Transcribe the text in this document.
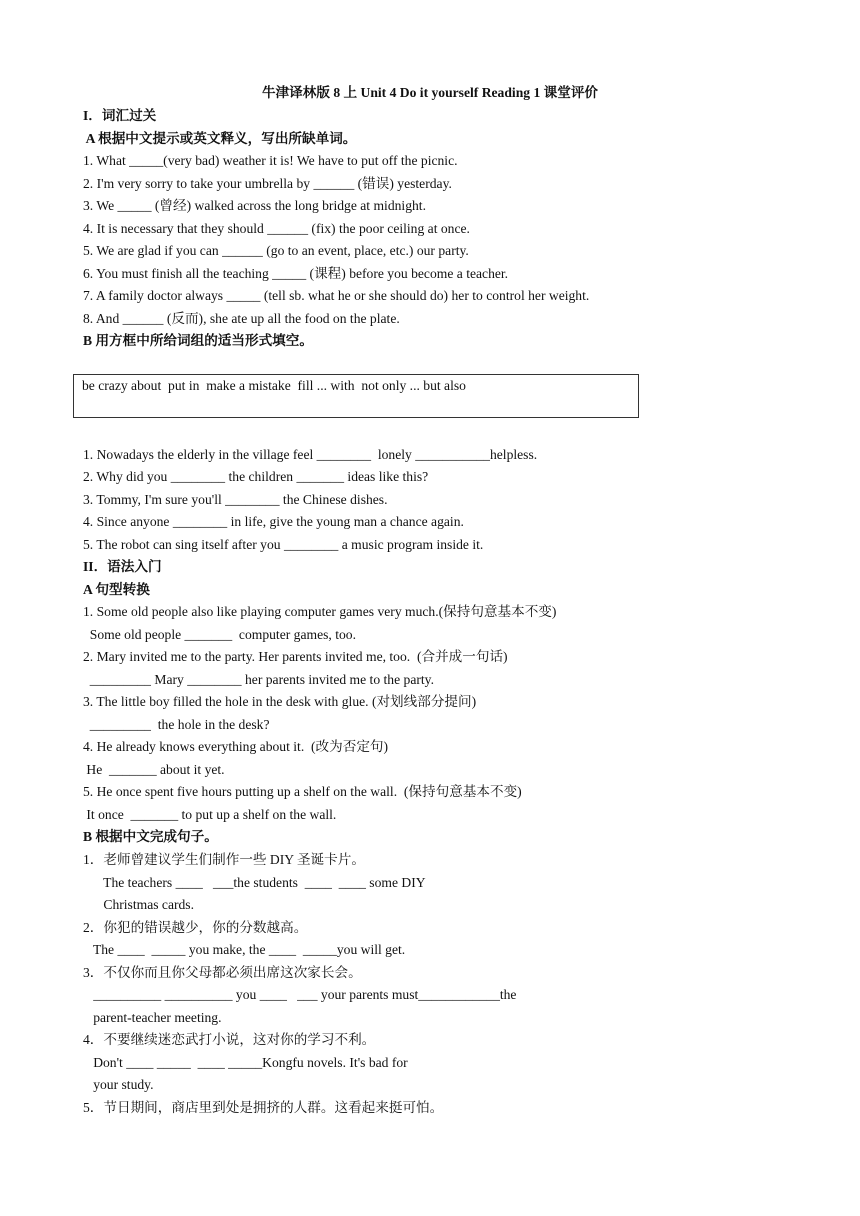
牛津译林版 8 上 Unit 4 Do it yourself Reading 1 课堂评价
I．词汇过关
A 根据中文提示或英文释义，写出所缺单词。
1. What _____(very bad) weather it is! We have to put off the picnic.
2. I'm very sorry to take your umbrella by ______ (错误) yesterday.
3. We _____ (曾经) walked across the long bridge at midnight.
4. It is necessary that they should ______ (fix) the poor ceiling at once.
5. We are glad if you can ______ (go to an event, place, etc.) our party.
6. You must finish all the teaching _____ (课程) before you become a teacher.
7. A family doctor always _____ (tell sb. what he or she should do) her to control her weight.
8. And ______ (反而), she ate up all the food on the plate.
B 用方框中所给词组的适当形式填空。
be crazy about  put in  make a mistake  fill ... with  not only ... but also
1. Nowadays the elderly in the village feel ________  lonely ___________helpless.
2. Why did you ________ the children _______ ideas like this?
3. Tommy, I'm sure you'll ________ the Chinese dishes.
4. Since anyone ________ in life, give the young man a chance again.
5. The robot can sing itself after you ________ a music program inside it.
II．语法入门
A 句型转换
1. Some old people also like playing computer games very much.(保持句意基本不变)
Some old people _______  computer games, too.
2. Mary invited me to the party. Her parents invited me, too.  (合并成一句话)
_________ Mary ________ her parents invited me to the party.
3. The little boy filled the hole in the desk with glue. (对划线部分提问)
_________  the hole in the desk?
4. He already knows everything about it.  (改为否定句)
He  _______ about it yet.
5. He once spent five hours putting up a shelf on the wall.  (保持句意基本不变)
It once  _______ to put up a shelf on the wall.
B 根据中文完成句子。
1．老师曾建议学生们制作一些 DIY 圣诞卡片。
The teachers ____   ___the students  ____  ____ some DIY
Christmas cards.
2．你犯的错误越少，你的分数越高。
The ____  _____ you make, the ____  _____you will get.
3．不仅你而且你父母都必须出席这次家长会。
__________ __________ you ____   ___ your parents must____________the
parent-teacher meeting.
4．不要继续迷恋武打小说，这对你的学习不利。
Don't ____ _____  ____ _____Kongfu novels. It's bad for
your study.
5．节日期间，商店里到处是拥挤的人群。这看起来挺可怕。
